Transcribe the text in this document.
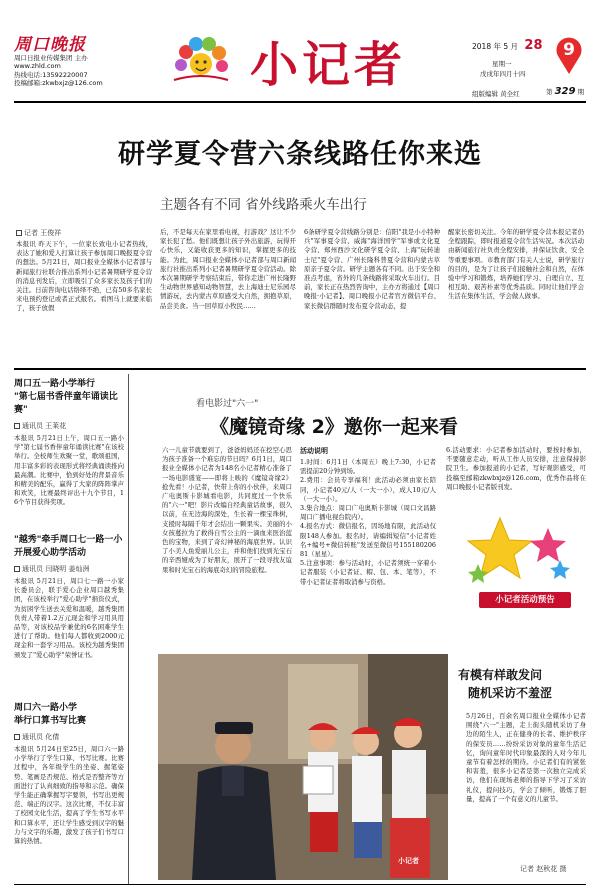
周口晚报
周口日报业传媒集团 主办
www.zhld.com
热线电话:13592220007
投稿邮箱:zkwbxjz@126.com	小记者	2018 年 5 月 28
星期一
戊戌年四月十四
9
组版编辑 黄全红	第 329 期
研学夏令营六条线路任你来选
主题各有不同 省外线路乘火车出行
记者 王俊祥
本报讯 昨天下午，一位家长致电小记者热线，表达了她和爱人打算让孩子参加周口晚报夏令营的想法。5月21日，周口报业全媒体小记者部与新闻旅行社联合推出系列小记者暑期研学夏令营的消息刊发后，立即吸引了众多家长及孩子们的关注。日前咨询电话络绎不绝，已有50多名家长来电预约登记或者正式报名。看图马上就要来临了，孩子放假
后，不是每天在家里看电视，打游戏？这让不少家长犯了愁。他们既想让孩子外出旅游，玩得开心快乐，又能收获更多的知识，掌握更多的技能。为此，周口报业全媒体小记者部与周口新闻旅行社推出系列小记者暑期研学夏令营活动。除本次暑期研学考察结束后，带你走进广州长隆野生动物世界感知动物智慧，去上海迪士尼乐园尽情游玩，去内蒙古草原感受大自然，拥抱草原，品尝美食。当一回草原小牧民……
6条研学夏令营线路分别是：信阳"我是小小特种兵"军事夏令营、威海"海洋国学"军事或文化夏令营、郑州西沙文化研学夏令营、上海"玩转迪士尼"夏令营、广州长隆科普夏令营和内蒙古草原亲子夏令营。研学主题各有不同。出于安全和准点考虑，省外的几条线路将采取火车出行。目前，家长正在热烈咨询中，主办方将通过【周口晚报·小记者】、周口晚报小记者官方微信平台、家长微信群随时发布夏令营动态，提
醒家长密切关注。今年的研学夏令营本报记者仍全程跟踪，即时报道夏令营生活实况。本次活动由新闻旅行社负责全程安排，并保证饮食、安全等重要事项。市教育部门有关人士说，研学旅行的目的，是为了让孩子们接触社会和自然，在体验中学习和锻炼，培养她们学习、自理自立、互相互助、艰苦朴素等优秀品质。同时让他们学会生活在集体生活，学会做人做事。
周口五一路小学举行
"第七届书香伴童年诵读比赛"
通讯员 王莱花
本报讯 5月21日上午，周口五一路小学"第七届书香伴童年诵读比赛"在该校举行。全校师生欢聚一堂，歌颂祖国，用丰富多彩的表现形式将经典诵读推向最高潮。比赛中，恰到好处的背景音乐和精美的配乐，赢得了大家的阵阵掌声和欢笑，比赛最终评出十九个节目，16个节目获得奖项。
"越秀"牵手周口七一路一小
开展爱心助学活动
通讯员 闫晓明 姜灿洲
本报讯 5月21日，周口七一路一小家长委员会，联手爱心企业周口越秀集团，在该校举行"爱心助学"捐资仪式，为贫困学生送去关爱和温暖，越秀集团负责人带着1.2万元现金和学习用具用品等，对该校品学兼优的6名困难学生进行了帮助。他们每人都收到2000元现金和一套学习用品。该校为越秀集团颁发了"爱心助学"荣誉证书。
周口六一路小学
举行口算书写比赛
通讯员 化倩
本报讯 5月24日至25日，周口六一路小学举行了学生口算、书写比赛。比赛过程中，各年级学生的坐姿、握笔姿势、笔画是否规范、格式是否整齐等方面进行了认真细致的指导和示范。确保学生能正确掌握写字要领，书写出更规范、端正的汉字。这次比赛，不仅丰富了校园文化生活，提高了学生书写水平和口算水平，还让学生感受到汉字的魅力与文字的乐趣，激发了孩子们书写口算的热情。
看电影过"六一"
《魔镜奇缘 2》邀你一起来看
六一儿童节就要到了，爸爸妈妈还在挖空心思为孩子准备一个难忘的节日吗？6月1日，周口报业全媒体小记者为148名小记者精心准备了一场电影盛宴——即将上映的《魔镜奇缘2》抢先看！小记者，快带上你的小伙伴，来周口广电奥斯卡影城看电影，共同度过一个快乐的"六一"吧！影片改编自经典童话故事，很久以前，在无边海的深处，生长着一棵宝珠树，支援时每隔千年才会结出一颗果实。美丽的小女孩蔓拉为了救得自雪公主的一滴血来医治蓝色的宝物，来到了奇幻神秘的海底世界。认识了小美人鱼爱丽儿公主，并和他们找到光宝石的辛西娅成为了好朋友，展开了一段寻找友谊果和时光宝石的海底奇幻的冒险旅程。
活动说明
1.时间：6月1日（本周五）晚上7:30，小记者需提前20分钟到场。
2.费用：会员专享福利！此活动必须由家长陪同，小记者40元/人（一大一小），成人10元/人（一大一小）。
3.集合地点：周口广电奥斯卡影城（周口文昌路周口广播电视台院内）。
4.报名方式：微信报名，因场地有限，此活动仅限148人参加。报名时，请编辑短信"小记者姓名+编号+微信转账"发送至微信号15518020681（星星）。
5.注意事项：参与活动时，小记者须统一穿着小记者服装（小记者证、帽、包、本、笔等），不带小记者证者将取消参与资格。
6.活动要求：小记者参加活动时，要按时参加，不要随意走动，听从工作人员安排，注意保持影院卫生。参加报道的小记者，写好观影感受，可投稿至邮箱zkwbxjz@126.com，优秀作品将在周口晚报小记者版刊发。
小记者活动预告
小记者
有模有样敢发问
随机采访不羞涩
5月26日，百余名周口报业全媒体小记者围绕"六一"主题，走上街头随机采访了身边的陌生人，正在健身的长者、维护秩序的保安员……纷纷采访对象的童年生活记忆，询问童年时代印象最深的人对今年儿童节有着怎样的期待。小记者们有的紧张和害羞，很多小记者是第一次独立完成采访，他们在现场老师的指导下学习了采访礼仪，提问技巧，学会了倾听，锻炼了胆量，提高了一个有意义的儿童节。
记者 赵秋花 摄
